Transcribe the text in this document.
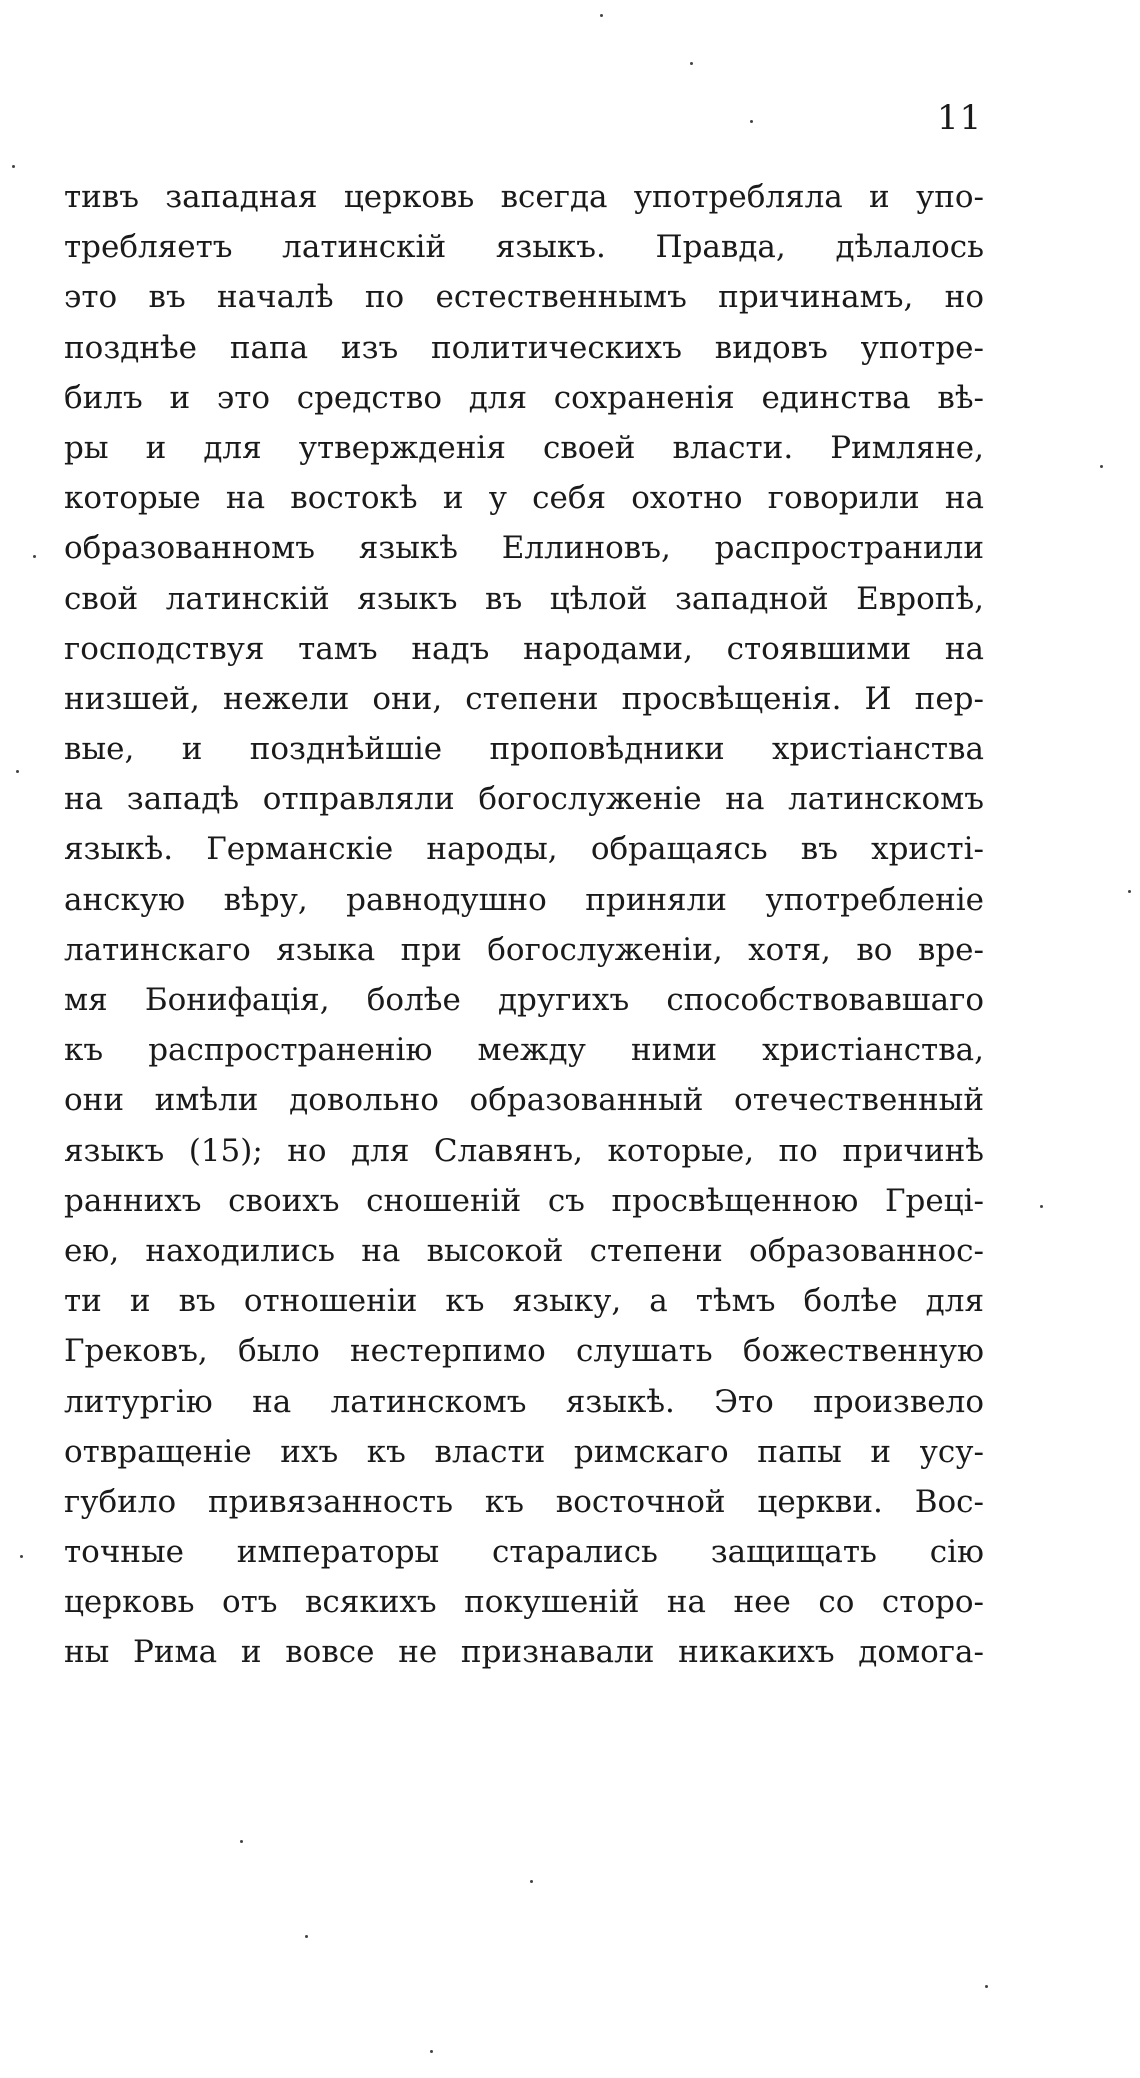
11
тивъ западная церковь всегда употребляла и упо-
требляетъ латинскій языкъ. Правда, дѣлалось
это въ началѣ по естественнымъ причинамъ, но
позднѣе папа изъ политическихъ видовъ употре-
билъ и это средство для сохраненія единства вѣ-
ры и для утвержденія своей власти. Римляне,
которые на востокѣ и у себя охотно говорили на
образованномъ языкѣ Еллиновъ, распространили
свой латинскій языкъ въ цѣлой западной Европѣ,
господствуя тамъ надъ народами, стоявшими на
низшей, нежели они, степени просвѣщенія. И пер-
вые, и позднѣйшіе проповѣдники христіанства
на западѣ отправляли богослуженіе на латинскомъ
языкѣ. Германскіе народы, обращаясь въ христі-
анскую вѣру, равнодушно приняли употребленіе
латинскаго языка при богослуженіи, хотя, во вре-
мя Бонифація, болѣе другихъ способствовавшаго
къ распространенію между ними христіанства,
они имѣли довольно образованный отечественный
языкъ (15); но для Славянъ, которые, по причинѣ
раннихъ своихъ сношеній съ просвѣщенною Греці-
ею, находились на высокой степени образованнос-
ти и въ отношеніи къ языку, а тѣмъ болѣе для
Грековъ, было нестерпимо слушать божественную
литургію на латинскомъ языкѣ. Это произвело
отвращеніе ихъ къ власти римскаго папы и усу-
губило привязанность къ восточной церкви. Вос-
точные императоры старались защищать сію
церковь отъ всякихъ покушеній на нее со сторо-
ны Рима и вовсе не признавали никакихъ домога-
